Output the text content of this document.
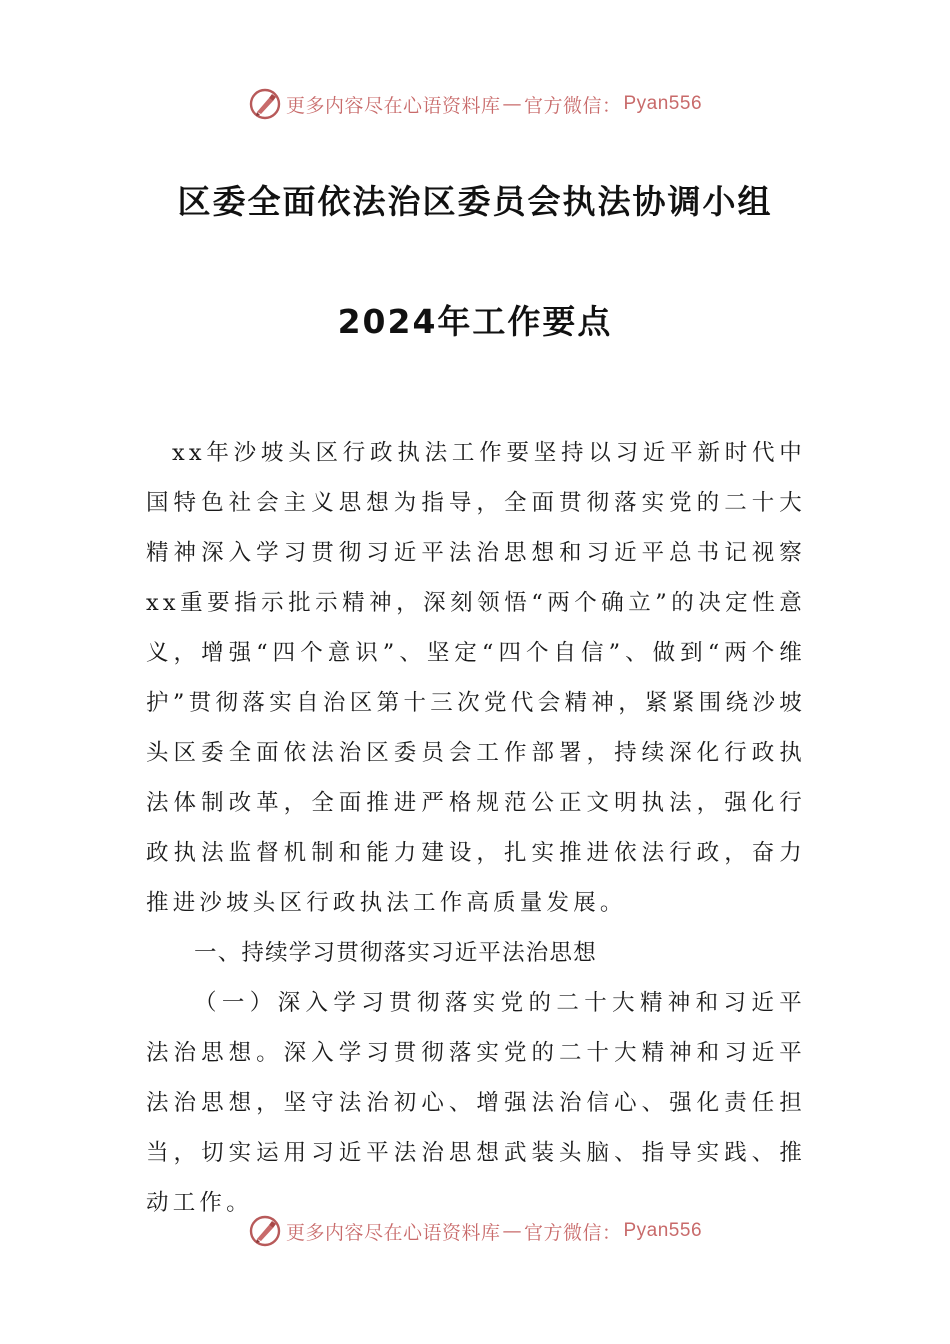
更多内容尽在心语资料库 — 官方微信： Pyan556
区委全面依法治区委员会执法协调小组
2024年工作要点

xx年沙坡头区行政执法工作要坚持以习近平新时代中国特色社会主义思想为指导，全面贯彻落实党的二十大精神深入学习贯彻习近平法治思想和习近平总书记视察xx重要指示批示精神，深刻领悟“两个确立”的决定性意义，增强“四个意识”、坚定“四个自信”、做到“两个维护”贯彻落实自治区第十三次党代会精神，紧紧围绕沙坡头区委全面依法治区委员会工作部署，持续深化行政执法体制改革，全面推进严格规范公正文明执法，强化行政执法监督机制和能力建设，扎实推进依法行政，奋力推进沙坡头区行政执法工作高质量发展。

一、持续学习贯彻落实习近平法治思想

（一）深入学习贯彻落实党的二十大精神和习近平法治思想。深入学习贯彻落实党的二十大精神和习近平法治思想，坚守法治初心、增强法治信心、强化责任担当，切实运用习近平法治思想武装头脑、指导实践、推动工作。

更多内容尽在心语资料库 — 官方微信： Pyan556
